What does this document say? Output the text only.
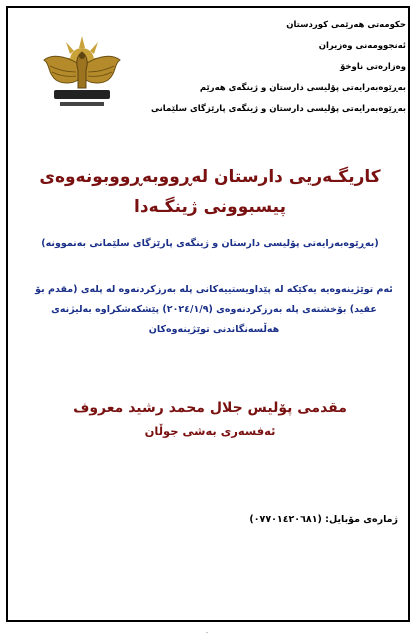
حكومەتی هەرێمی کوردستان
ئەنجوومەنی وەزیران
وەزارەتی ناوخۆ
بەڕێوەبەرایەتی پۆلیسی دارستان و ژینگەی هەرێم
بەڕێوەبەرایەتی پۆلیسی دارستان و ژینگەی پارێزگای سلێمانی
کاریگـەریی دارستان لەڕووبەڕووبونەوەی
پیسبوونی ژینگـەدا
(بەڕێوەبەرایەتی پۆلیسی دارستان و ژینگەی پارێزگای سلێمانی بەنموونە)
ئەم توێژینەوەیە یەکێکە لە پێداویستییەکانی پلە بەرزکردنەوە لە پلەی (مقدم بۆ عقيد) بۆخشتەی پلە بەرزکردنەوەی (٢٠٢٤/١/٩) پێشکەشکراوە بەلیژنەی هەڵسەنگاندنی توێژینەوەکان
مقدمی پۆلیس جلال محمد رشید معروف
ئەفسەری بەشی جوڵان
ژمارەی مۆبایل: (٠٧٧٠١٤٢٠٦٨١)
.
